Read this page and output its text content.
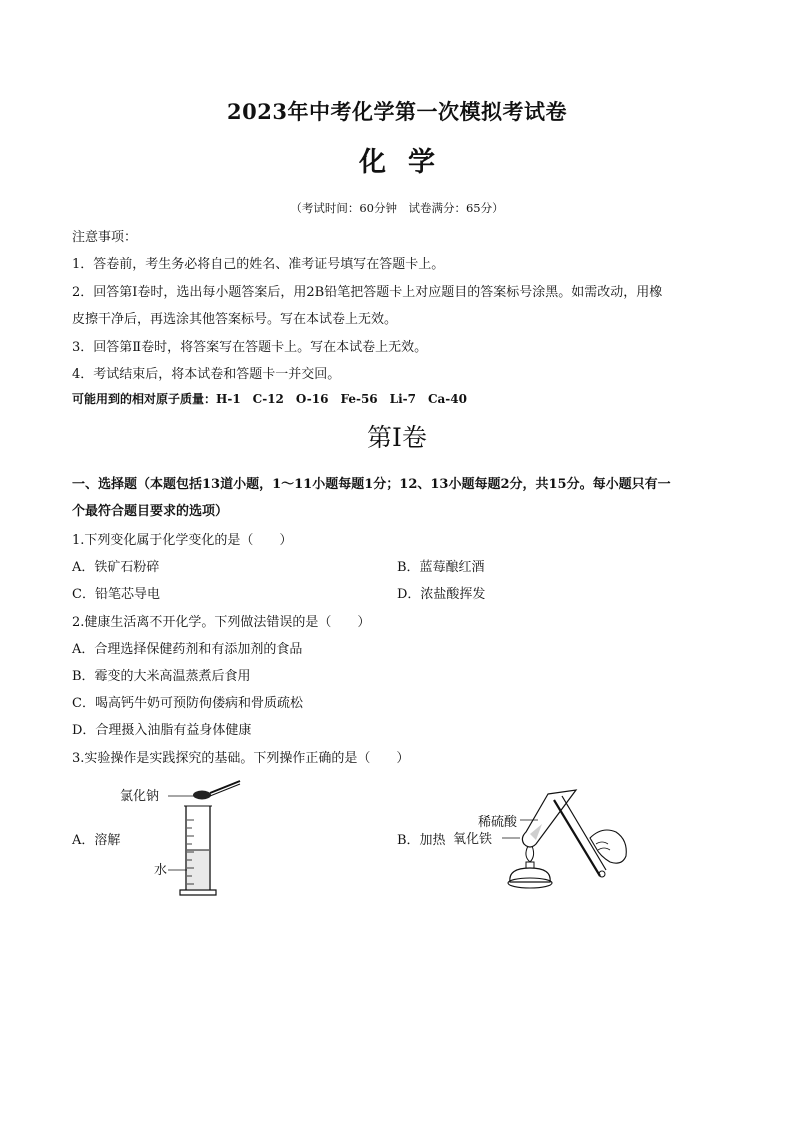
2023年中考化学第一次模拟考试卷
化学
（考试时间：60分钟　试卷满分：65分）
注意事项：
1．答卷前，考生务必将自己的姓名、准考证号填写在答题卡上。
2．回答第Ⅰ卷时，选出每小题答案后，用2B铅笔把答题卡上对应题目的答案标号涂黑。如需改动，用橡
皮擦干净后，再选涂其他答案标号。写在本试卷上无效。
3．回答第Ⅱ卷时，将答案写在答题卡上。写在本试卷上无效。
4．考试结束后，将本试卷和答题卡一并交回。
可能用到的相对原子质量：H-1　C-12　O-16　Fe-56　Li-7　Ca-40
第Ⅰ卷
一、选择题（本题包括13道小题，1～11小题每题1分；12、13小题每题2分，共15分。每小题只有一
个最符合题目要求的选项）
1.下列变化属于化学变化的是（　　）
A．铁矿石粉碎	B．蓝莓酿红酒
C．铅笔芯导电	D．浓盐酸挥发
2.健康生活离不开化学。下列做法错误的是（　　）
A．合理选择保健药剂和有添加剂的食品
B．霉变的大米高温蒸煮后食用
C．喝高钙牛奶可预防佝偻病和骨质疏松
D．合理摄入油脂有益身体健康
3.实验操作是实践探究的基础。下列操作正确的是（　　）
A．溶解	B．加热
氯化钠
水
稀硫酸
氧化铁
